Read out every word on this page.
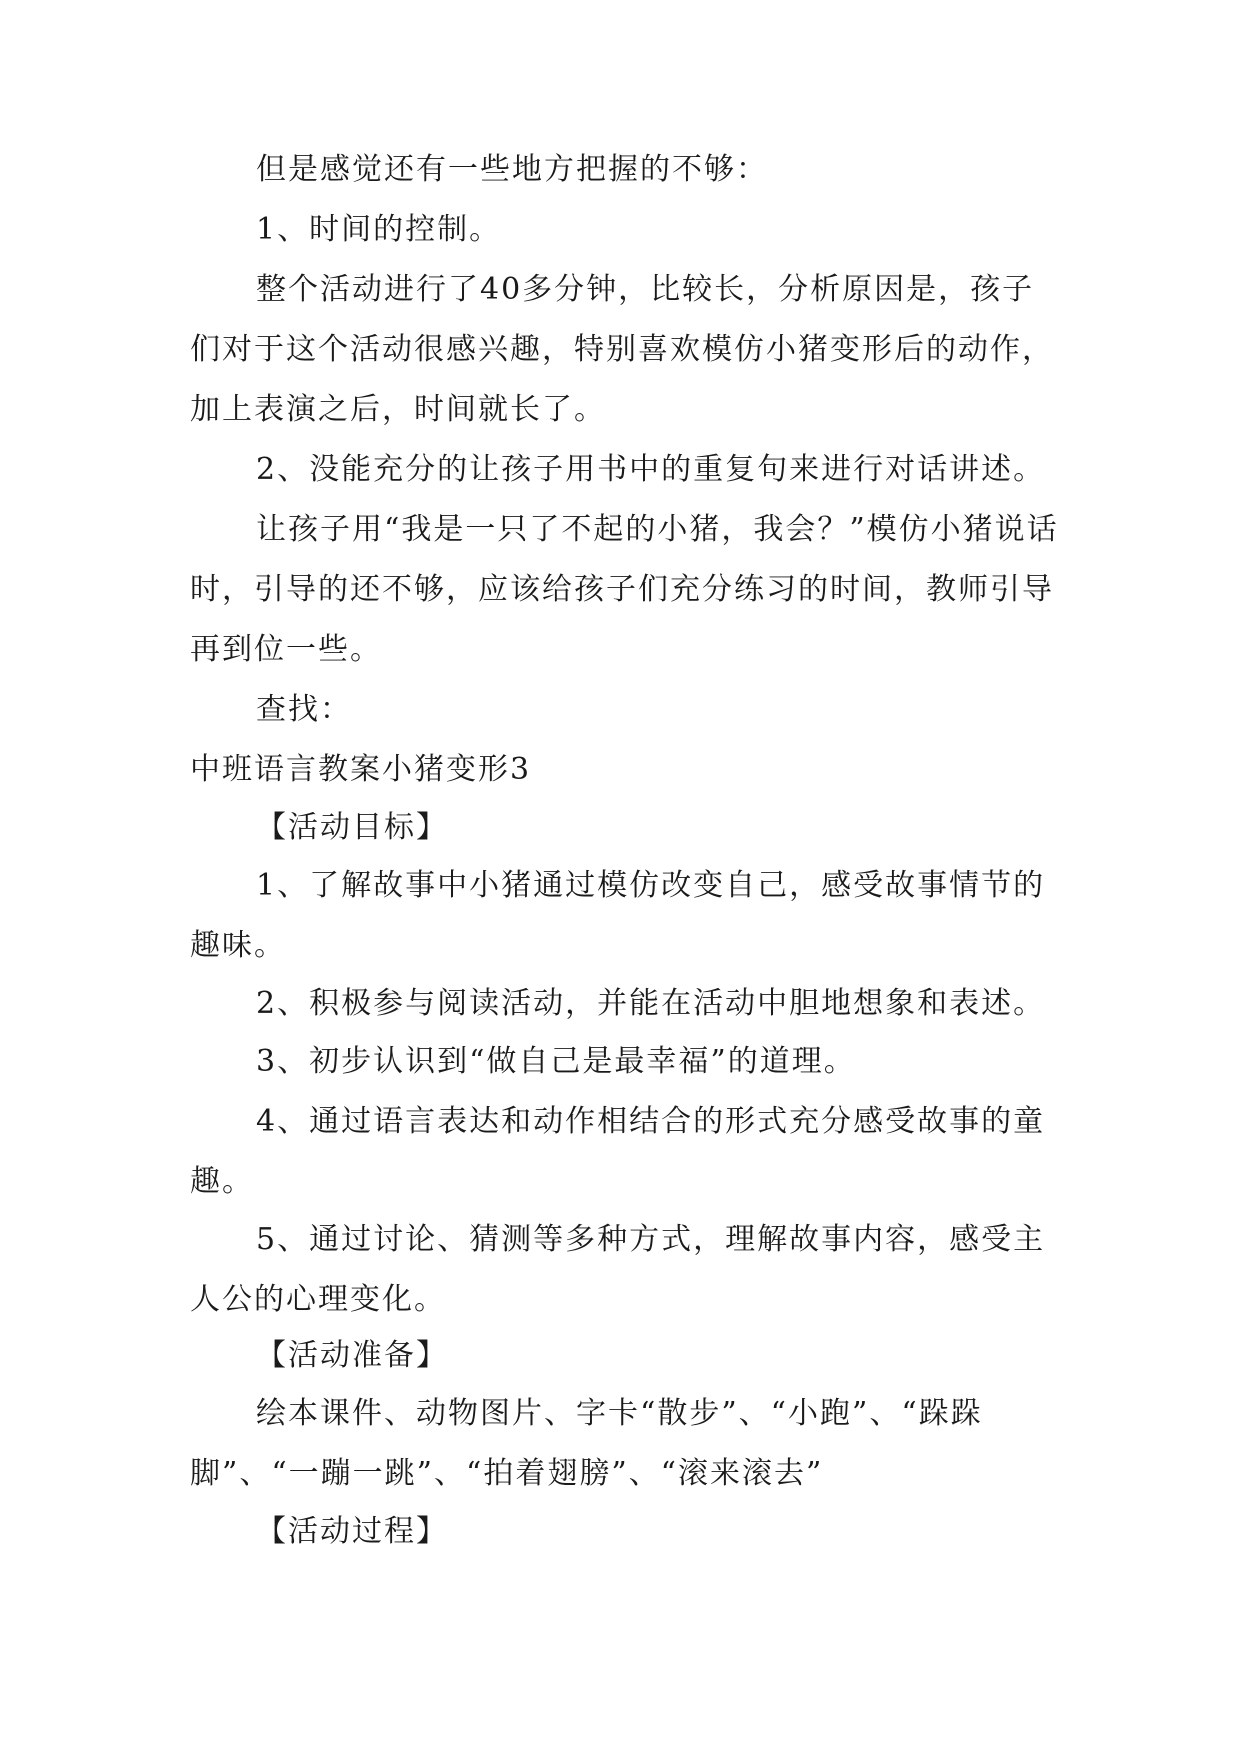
但是感觉还有一些地方把握的不够：

1、时间的控制。

整个活动进行了40多分钟，比较长，分析原因是，孩子们对于这个活动很感兴趣，特别喜欢模仿小猪变形后的动作，加上表演之后，时间就长了。

2、没能充分的让孩子用书中的重复句来进行对话讲述。

让孩子用“我是一只了不起的小猪，我会？”模仿小猪说话时，引导的还不够，应该给孩子们充分练习的时间，教师引导再到位一些。

查找：

中班语言教案小猪变形3

【活动目标】

1、了解故事中小猪通过模仿改变自己，感受故事情节的趣味。

2、积极参与阅读活动，并能在活动中胆地想象和表述。

3、初步认识到“做自己是最幸福”的道理。

4、通过语言表达和动作相结合的形式充分感受故事的童趣。

5、通过讨论、猜测等多种方式，理解故事内容，感受主人公的心理变化。

【活动准备】

绘本课件、动物图片、字卡“散步”、“小跑”、“跺跺脚”、“一蹦一跳”、“拍着翅膀”、“滚来滚去”

【活动过程】
